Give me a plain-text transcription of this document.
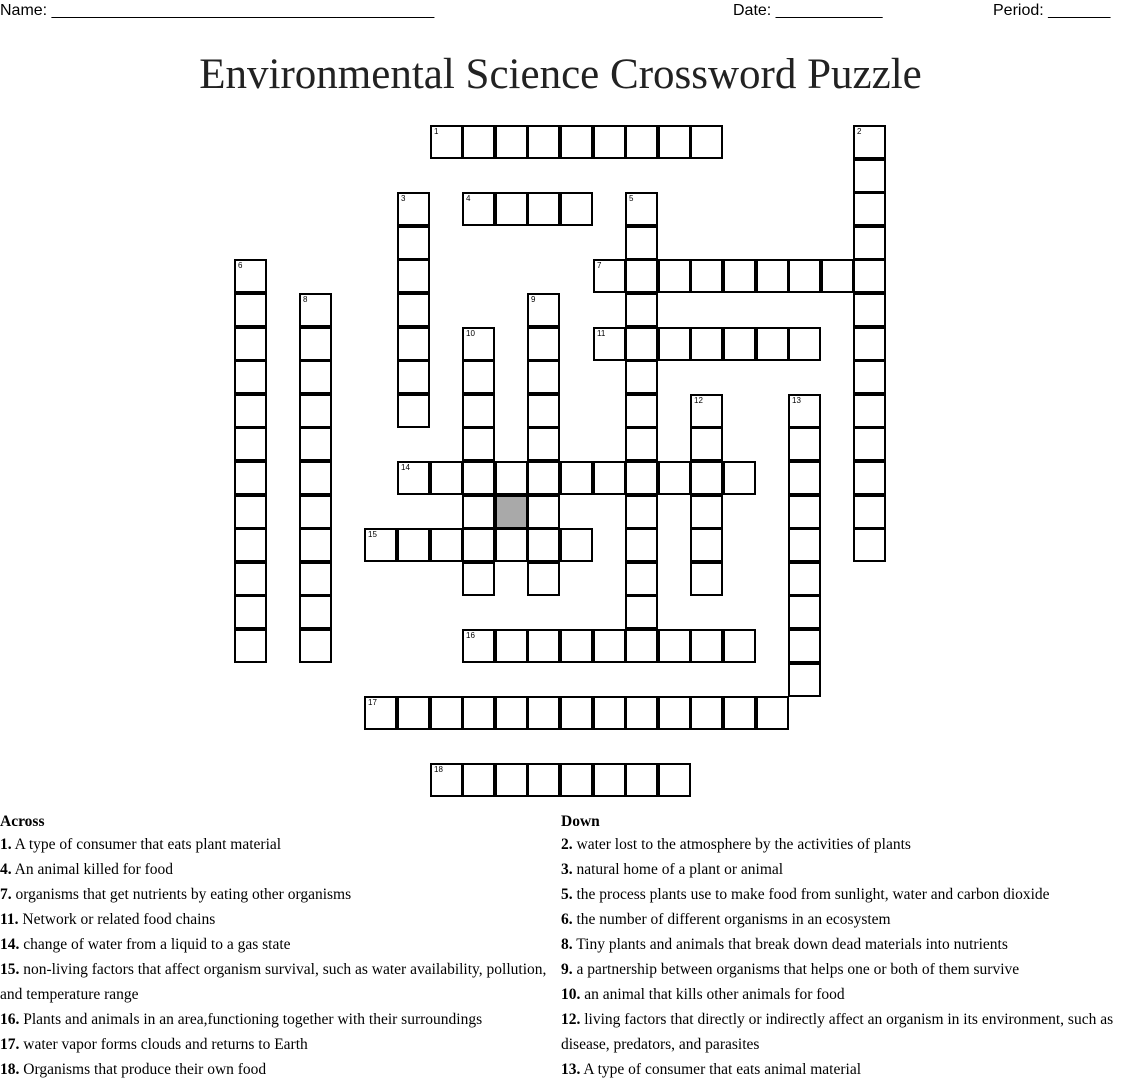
Name: ___________________________________________	Date: ____________	Period: _______
Environmental Science Crossword Puzzle
1	2
3	4	5
6	7
8	9
10	11
12	13
14
15
16
17
18
Across

1. A type of consumer that eats plant material

4. An animal killed for food

7. organisms that get nutrients by eating other organisms

11. Network or related food chains

14. change of water from a liquid to a gas state

15. non-living factors that affect organism survival, such as water availability, pollution, and temperature range

16. Plants and animals in an area,functioning together with their surroundings

17. water vapor forms clouds and returns to Earth

18. Organisms that produce their own food

Down

2. water lost to the atmosphere by the activities of plants

3. natural home of a plant or animal

5. the process plants use to make food from sunlight, water and carbon dioxide

6. the number of different organisms in an ecosystem

8. Tiny plants and animals that break down dead materials into nutrients

9. a partnership between organisms that helps one or both of them survive

10. an animal that kills other animals for food

12. living factors that directly or indirectly affect an organism in its environment, such as disease, predators, and parasites

13. A type of consumer that eats animal material
